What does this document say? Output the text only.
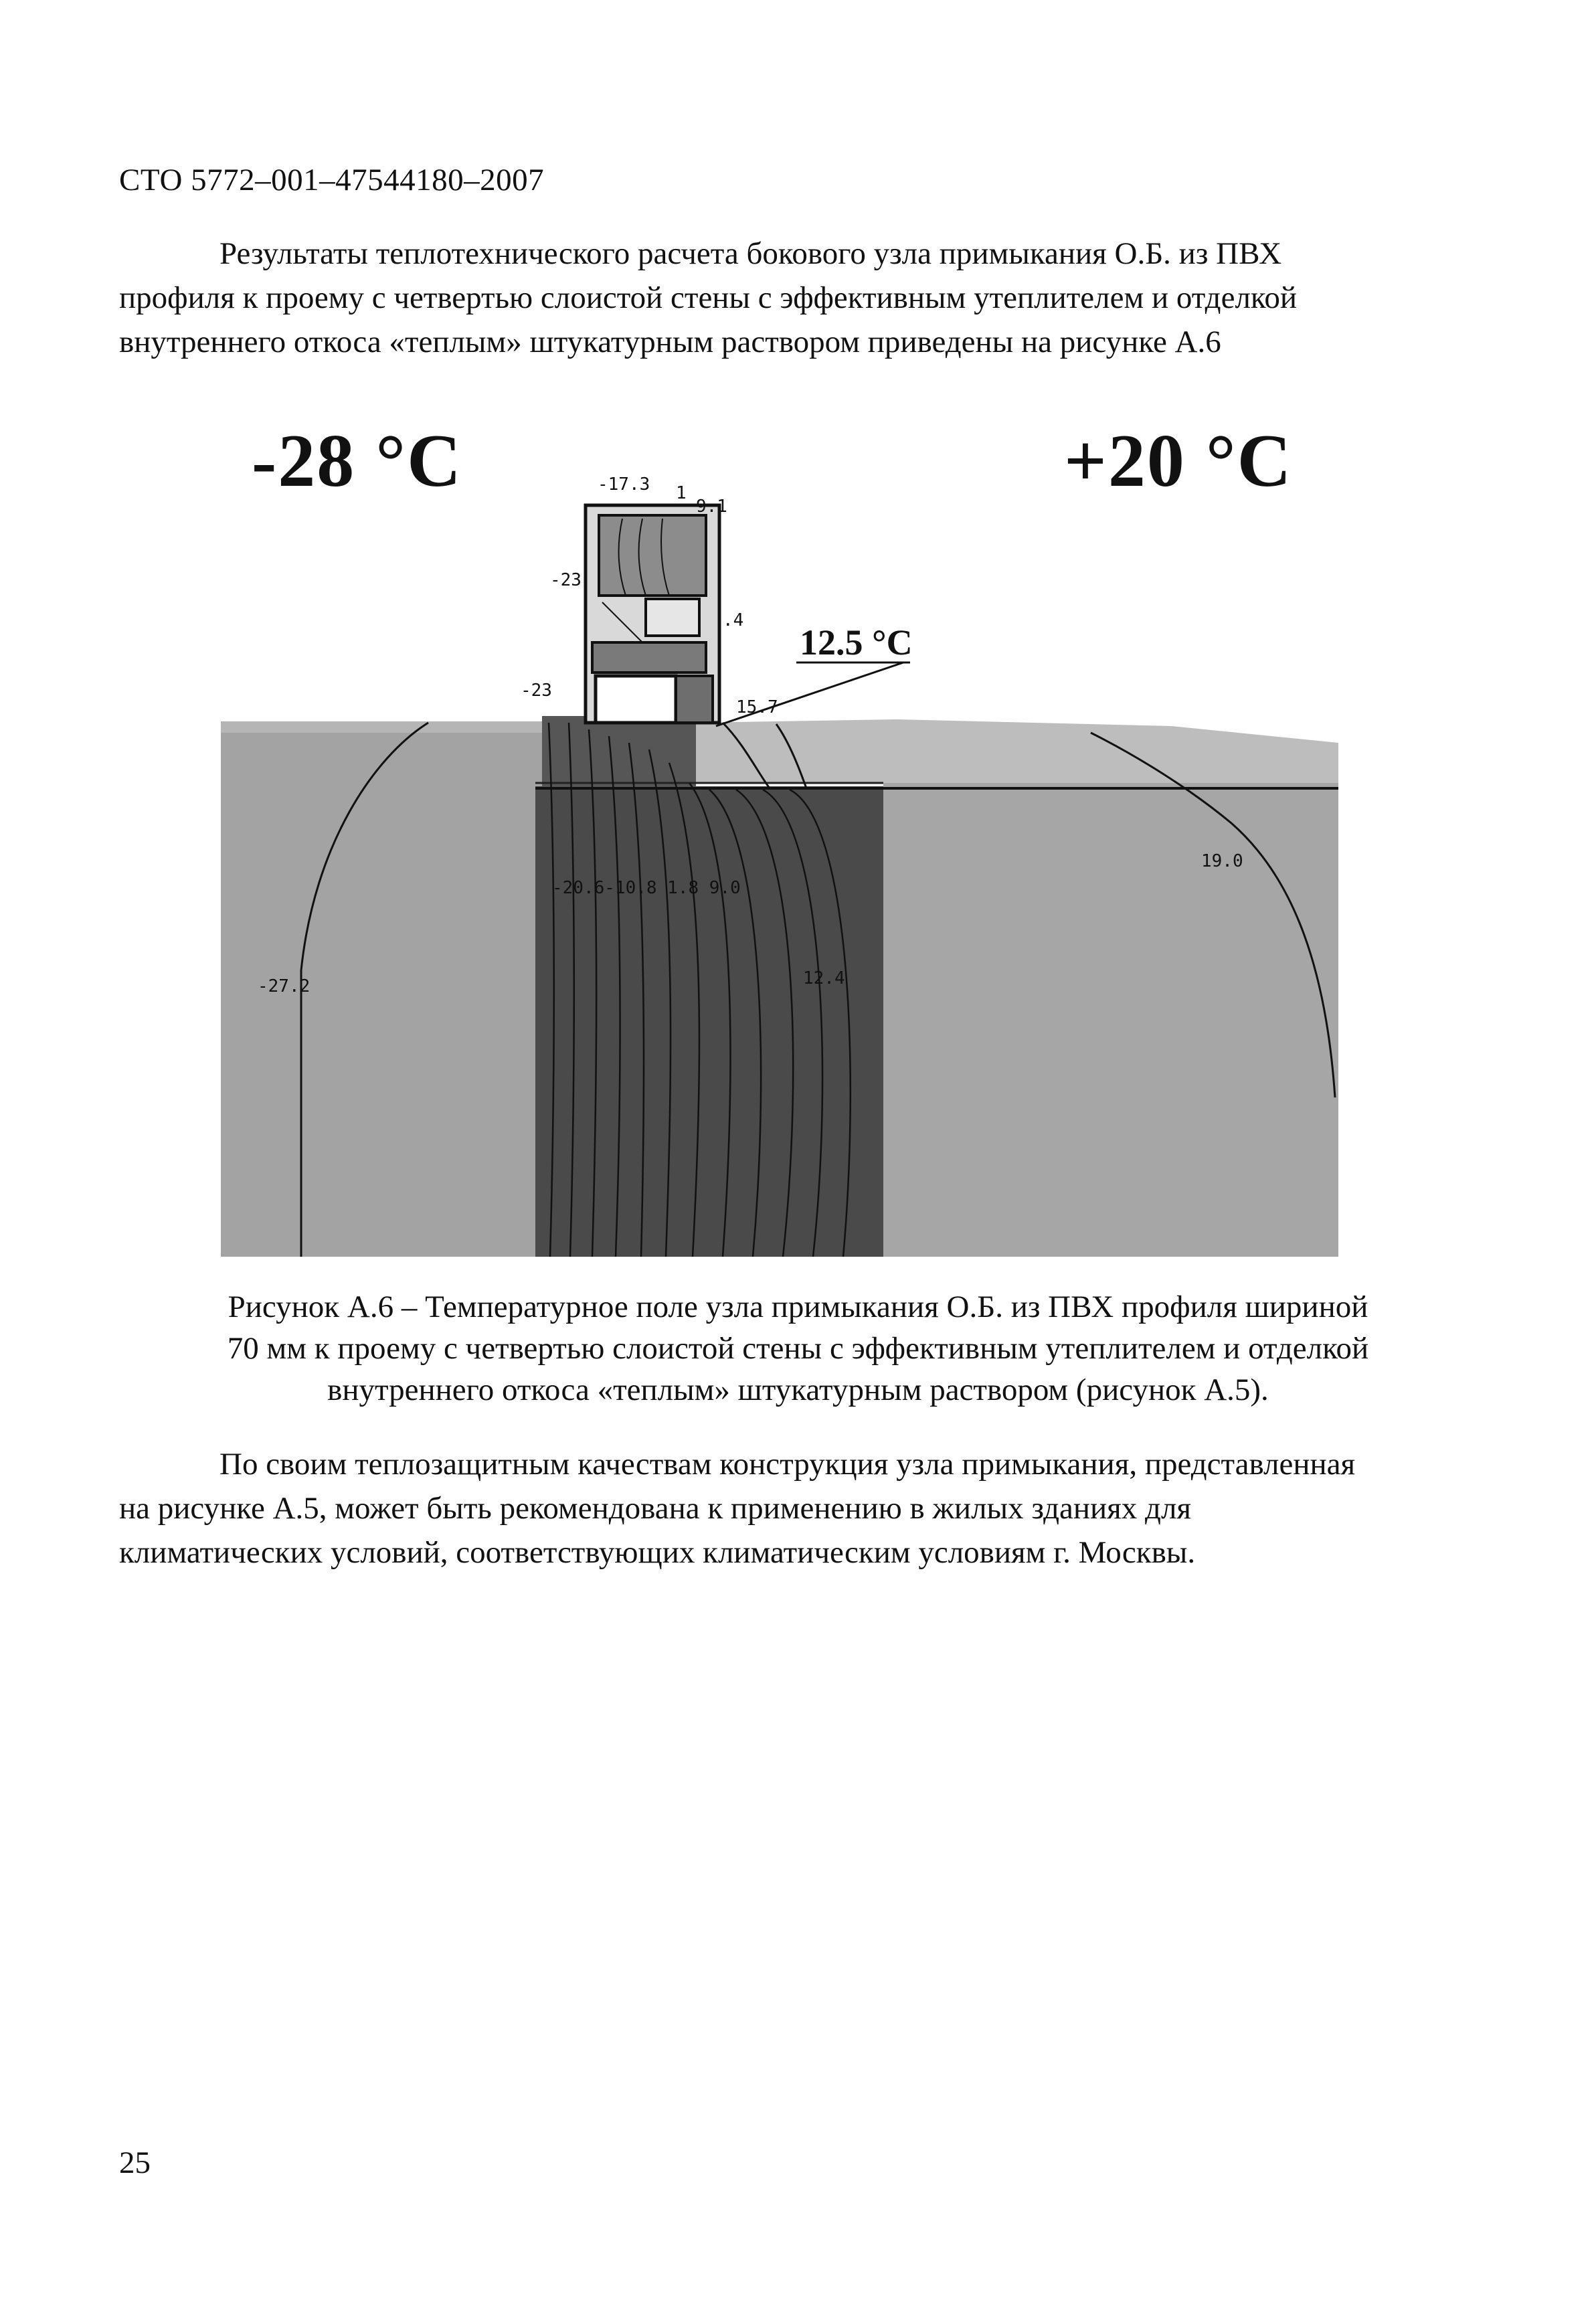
СТО 5772–001–47544180–2007
Результаты теплотехнического расчета бокового узла примыкания О.Б. из ПВХ
профиля к проему с четвертью слоистой стены с эффективным утеплителем и отделкой
внутреннего откоса «теплым» штукатурным раствором приведены на рисунке А.6
-28 °C	+20 °C
12.5 °C
-17.3 1
9.1
-23
.4
-23
15.7
-20.6-10.8 1.8 9.0
19.0
-27.2	12.4
Рисунок А.6 – Температурное поле узла примыкания О.Б. из ПВХ профиля шириной
70 мм к проему с четвертью слоистой стены с эффективным утеплителем и отделкой
внутреннего откоса «теплым» штукатурным раствором (рисунок А.5).
По своим теплозащитным качествам конструкция узла примыкания, представленная
на рисунке А.5, может быть рекомендована к применению в жилых зданиях для
климатических условий, соответствующих климатическим условиям г. Москвы.
25
